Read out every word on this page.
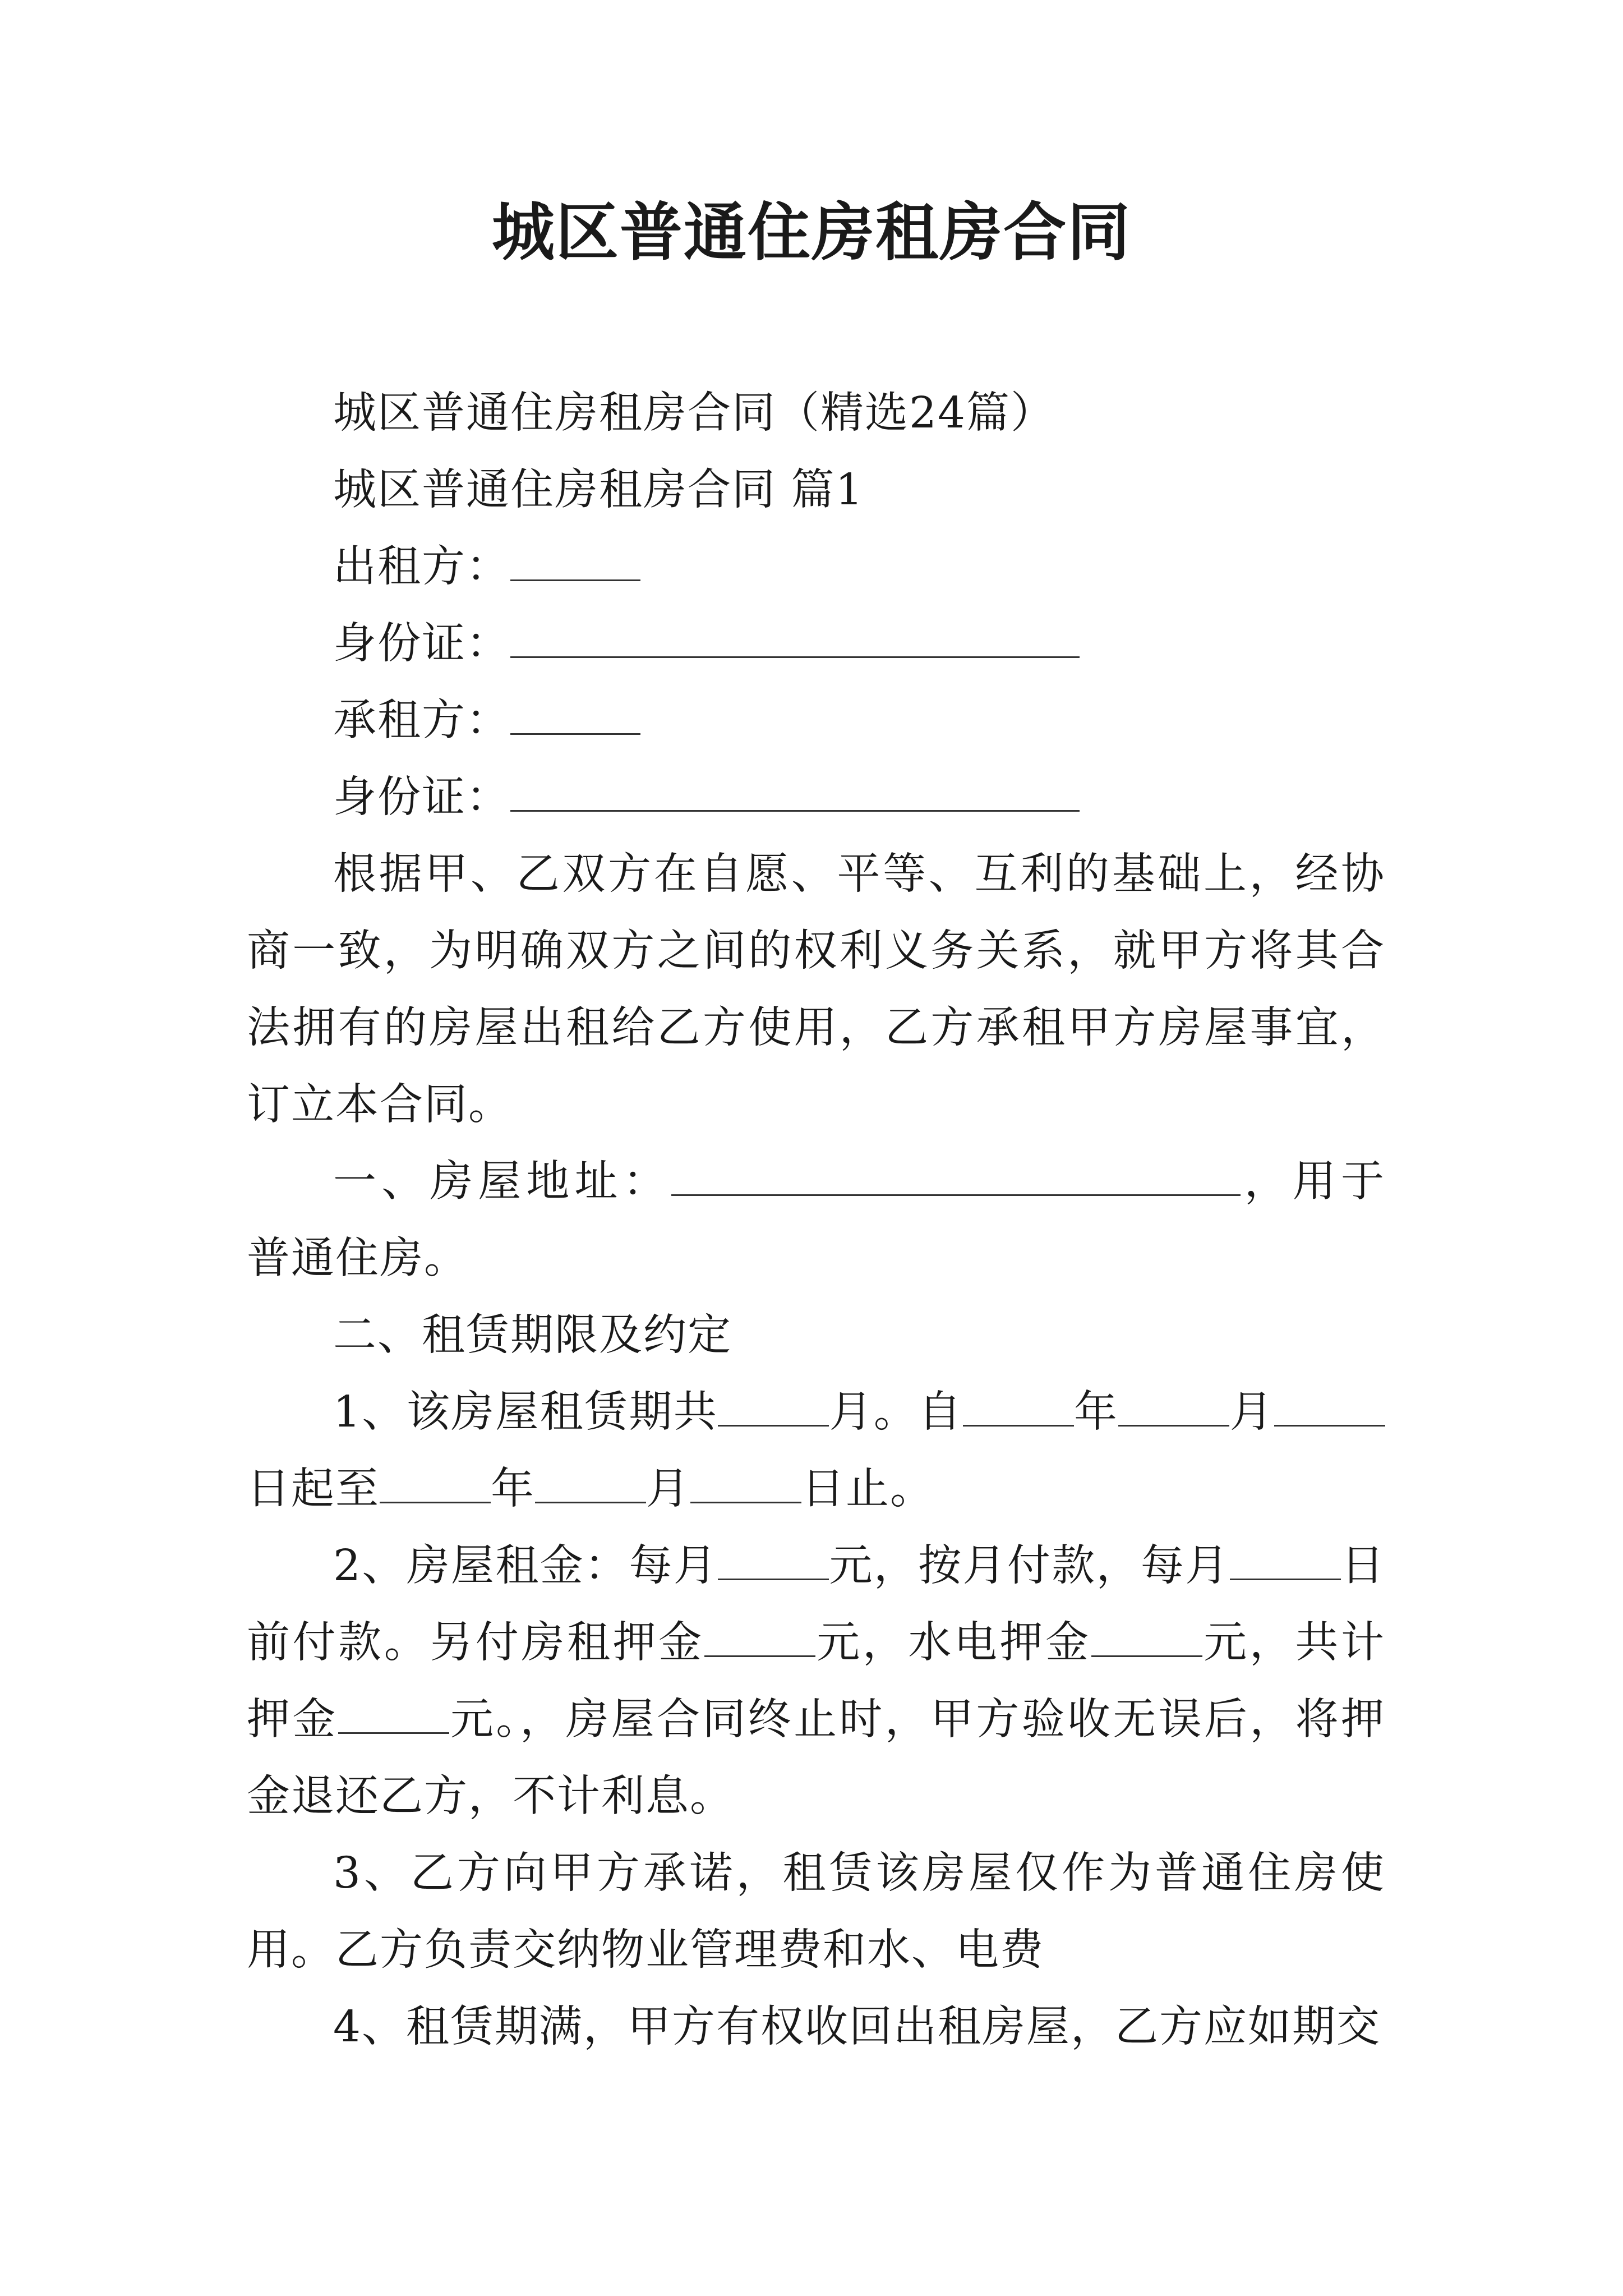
城区普通住房租房合同

城区普通住房租房合同（精选24篇）

城区普通住房租房合同 篇1

出租方：

身份证：

承租方：

身份证：

根据甲、乙双方在自愿、平等、互利的基础上，经协商一致，为明确双方之间的权利义务关系，就甲方将其合法拥有的房屋出租给乙方使用，乙方承租甲方房屋事宜，订立本合同。

一、房屋地址：	，用于普通住房。

二、租赁期限及约定

1、该房屋租赁期共	月。自	年	月日起至	年	月	日止。

2、房屋租金：每月	元，按月付款，每月	日前付款。另付房租押金	元，水电押金	元，共计押金	元。，房屋合同终止时，甲方验收无误后，将押金退还乙方，不计利息。

3、乙方向甲方承诺，租赁该房屋仅作为普通住房使用。乙方负责交纳物业管理费和水、电费

4、租赁期满，甲方有权收回出租房屋，乙方应如期交
